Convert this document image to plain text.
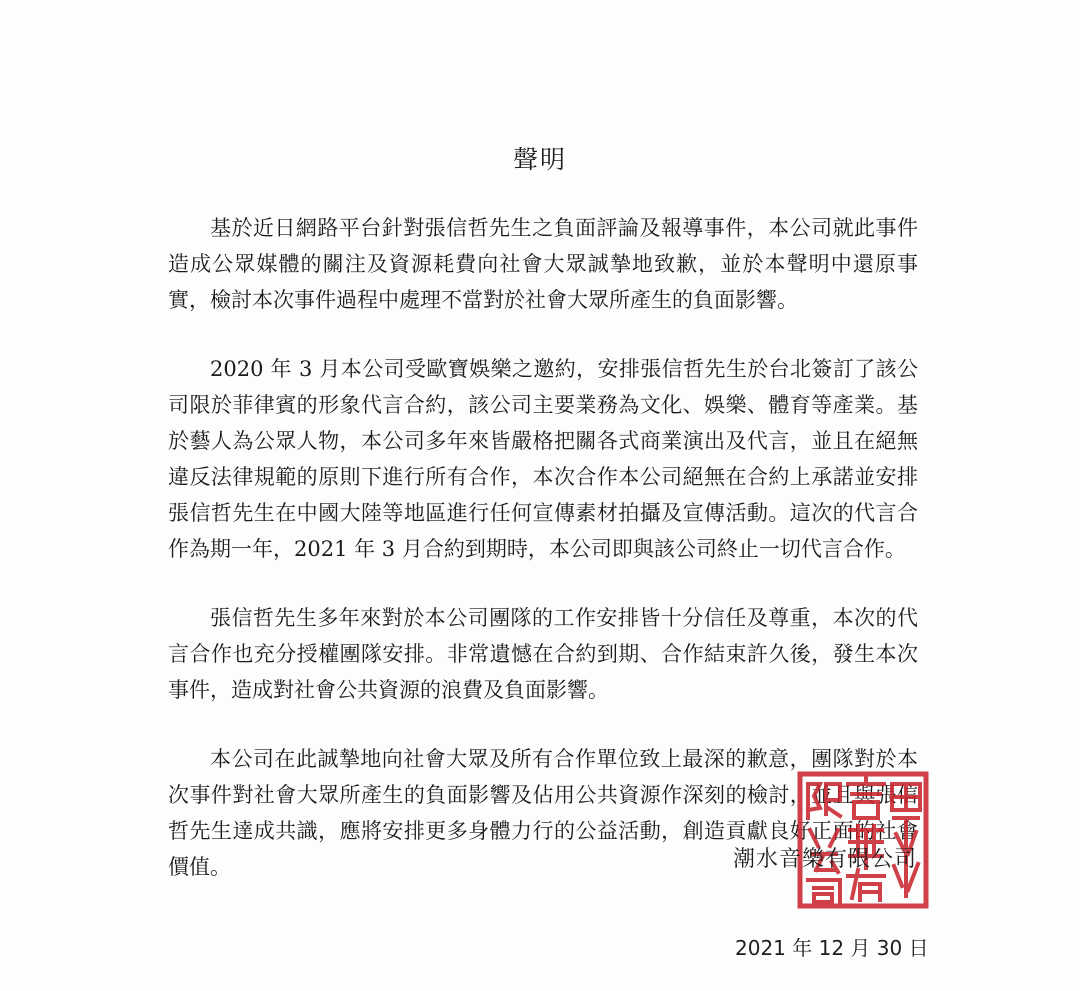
聲明

基於近日網路平台針對張信哲先生之負面評論及報導事件，本公司就此事件造成公眾媒體的關注及資源耗費向社會大眾誠摯地致歉，並於本聲明中還原事實，檢討本次事件過程中處理不當對於社會大眾所產生的負面影響。

2020 年 3 月本公司受歐寶娛樂之邀約，安排張信哲先生於台北簽訂了該公司限於菲律賓的形象代言合約，該公司主要業務為文化、娛樂、體育等產業。基於藝人為公眾人物，本公司多年來皆嚴格把關各式商業演出及代言，並且在絕無違反法律規範的原則下進行所有合作，本次合作本公司絕無在合約上承諾並安排張信哲先生在中國大陸等地區進行任何宣傳素材拍攝及宣傳活動。這次的代言合作為期一年，2021 年 3 月合約到期時，本公司即與該公司終止一切代言合作。

張信哲先生多年來對於本公司團隊的工作安排皆十分信任及尊重，本次的代言合作也充分授權團隊安排。非常遺憾在合約到期、合作結束許久後，發生本次事件，造成對社會公共資源的浪費及負面影響。

本公司在此誠摯地向社會大眾及所有合作單位致上最深的歉意，團隊對於本次事件對社會大眾所產生的負面影響及佔用公共資源作深刻的檢討，並且與張信哲先生達成共識，應將安排更多身體力行的公益活動，創造貢獻良好正面的社會價值。	潮水音樂有限公司
2021 年 12 月 30 日
